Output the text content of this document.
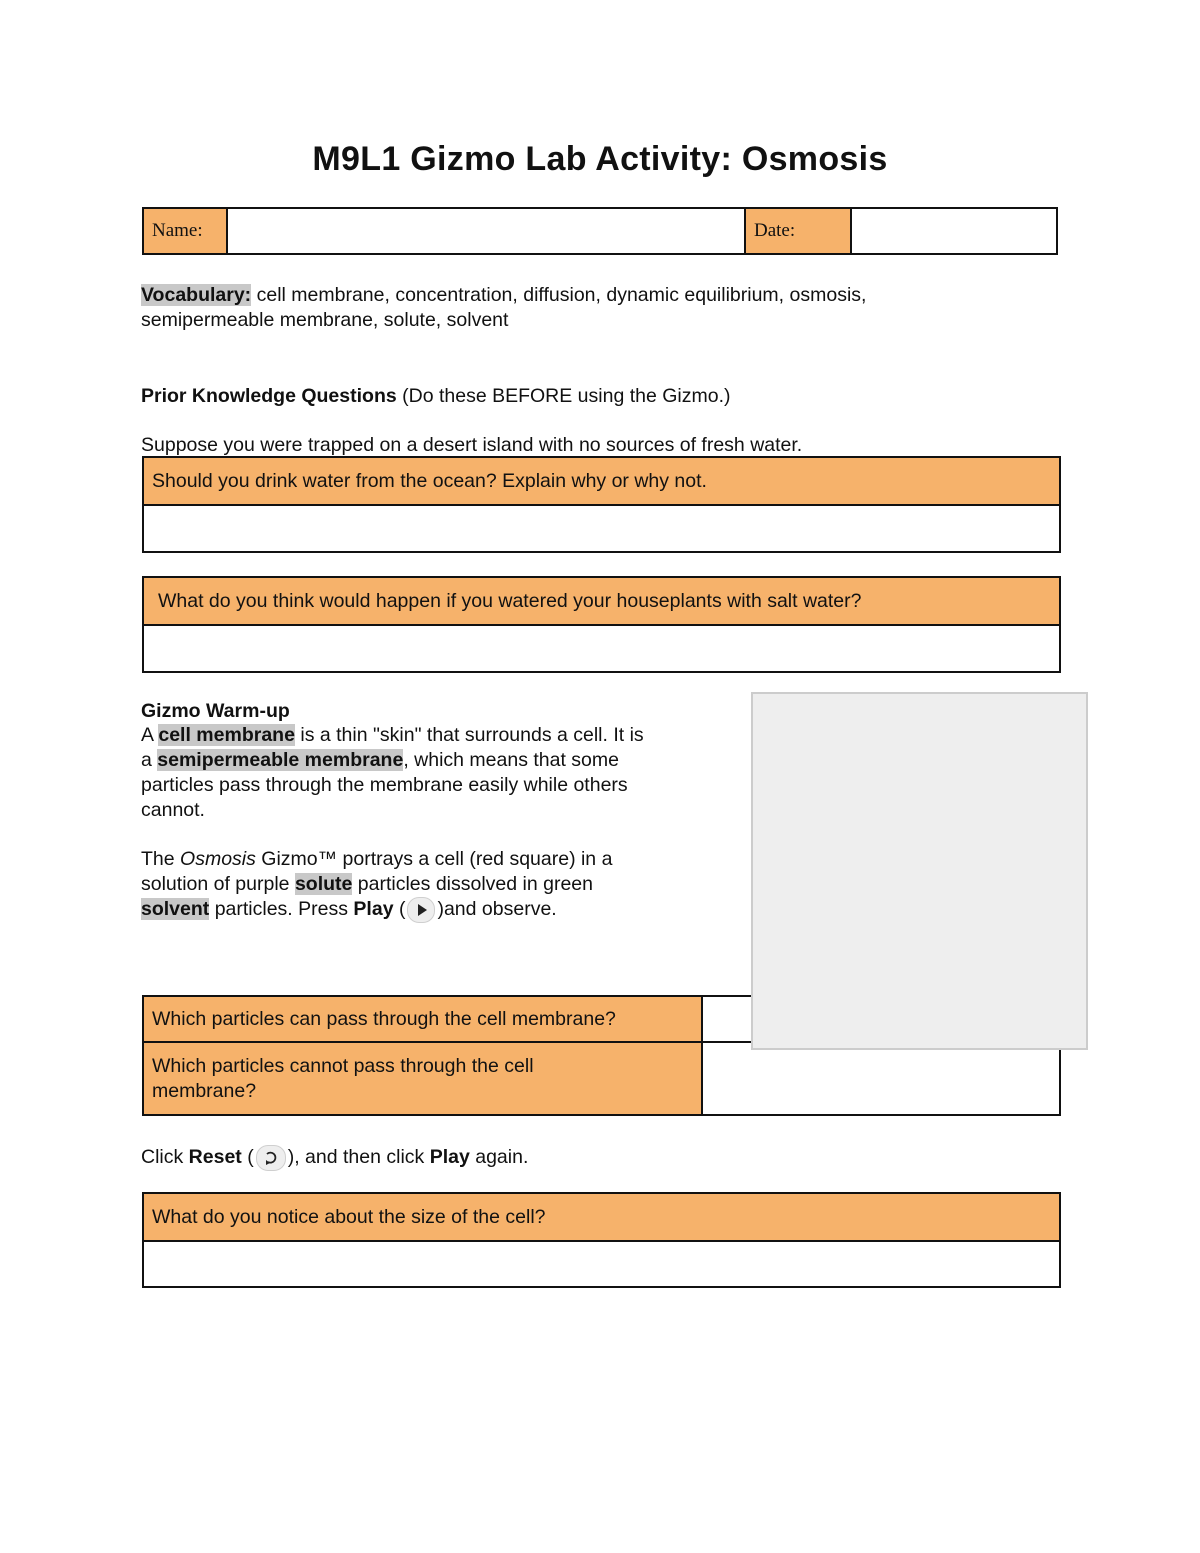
M9L1 Gizmo Lab Activity: Osmosis
Name:	Date:
Vocabulary: cell membrane, concentration, diffusion, dynamic equilibrium, osmosis,
semipermeable membrane, solute, solvent
Prior Knowledge Questions (Do these BEFORE using the Gizmo.)
Suppose you were trapped on a desert island with no sources of fresh water.
Should you drink water from the ocean? Explain why or why not.
What do you think would happen if you watered your houseplants with salt water?
Gizmo Warm-up
A cell membrane is a thin "skin" that surrounds a cell. It is
a semipermeable membrane, which means that some
particles pass through the membrane easily while others
cannot.
The Osmosis Gizmo™ portrays a cell (red square) in a
solution of purple solute particles dissolved in green
solvent particles. Press Play ( )and observe.
Which particles can pass through the cell membrane?
Which particles cannot pass through the cell
membrane?
Click Reset ( ), and then click Play again.
What do you notice about the size of the cell?
